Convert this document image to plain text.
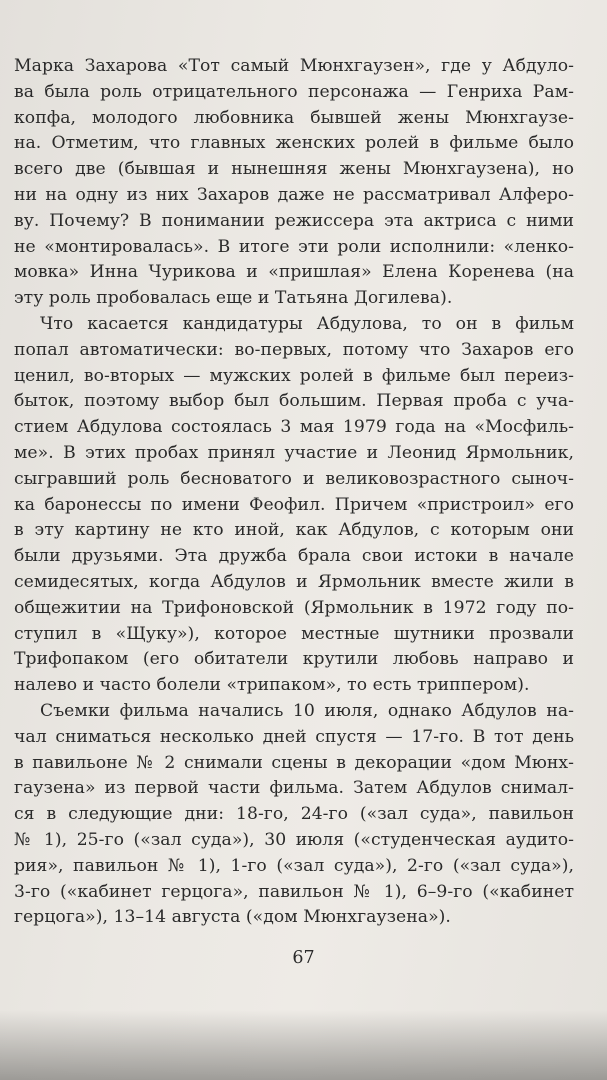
Марка Захарова «Тот самый Мюнхгаузен», где у Абдуло-
ва была роль отрицательного персонажа — Генриха Рам-
копфа, молодого любовника бывшей жены Мюнхгаузе-
на. Отметим, что главных женских ролей в фильме было
всего две (бывшая и нынешняя жены Мюнхгаузена), но
ни на одну из них Захаров даже не рассматривал Алферо-
ву. Почему? В понимании режиссера эта актриса с ними
не «монтировалась». В итоге эти роли исполнили: «ленко-
мовка» Инна Чурикова и «пришлая» Елена Коренева (на
эту роль пробовалась еще и Татьяна Догилева).
Что касается кандидатуры Абдулова, то он в фильм
попал автоматически: во-первых, потому что Захаров его
ценил, во-вторых — мужских ролей в фильме был переиз-
быток, поэтому выбор был большим. Первая проба с уча-
стием Абдулова состоялась 3 мая 1979 года на «Мосфиль-
ме». В этих пробах принял участие и Леонид Ярмольник,
сыгравший роль бесноватого и великовозрастного сыноч-
ка баронессы по имени Феофил. Причем «пристроил» его
в эту картину не кто иной, как Абдулов, с которым они
были друзьями. Эта дружба брала свои истоки в начале
семидесятых, когда Абдулов и Ярмольник вместе жили в
общежитии на Трифоновской (Ярмольник в 1972 году по-
ступил в «Щуку»), которое местные шутники прозвали
Трифопаком (его обитатели крутили любовь направо и
налево и часто болели «трипаком», то есть триппером).
Съемки фильма начались 10 июля, однако Абдулов на-
чал сниматься несколько дней спустя — 17-го. В тот день
в павильоне № 2 снимали сцены в декорации «дом Мюнх-
гаузена» из первой части фильма. Затем Абдулов снимал-
ся в следующие дни: 18-го, 24-го («зал суда», павильон
№ 1), 25-го («зал суда»), 30 июля («студенческая аудито-
рия», павильон № 1), 1-го («зал суда»), 2-го («зал суда»),
3-го («кабинет герцога», павильон № 1), 6–9-го («кабинет
герцога»), 13–14 августа («дом Мюнхгаузена»).
67
